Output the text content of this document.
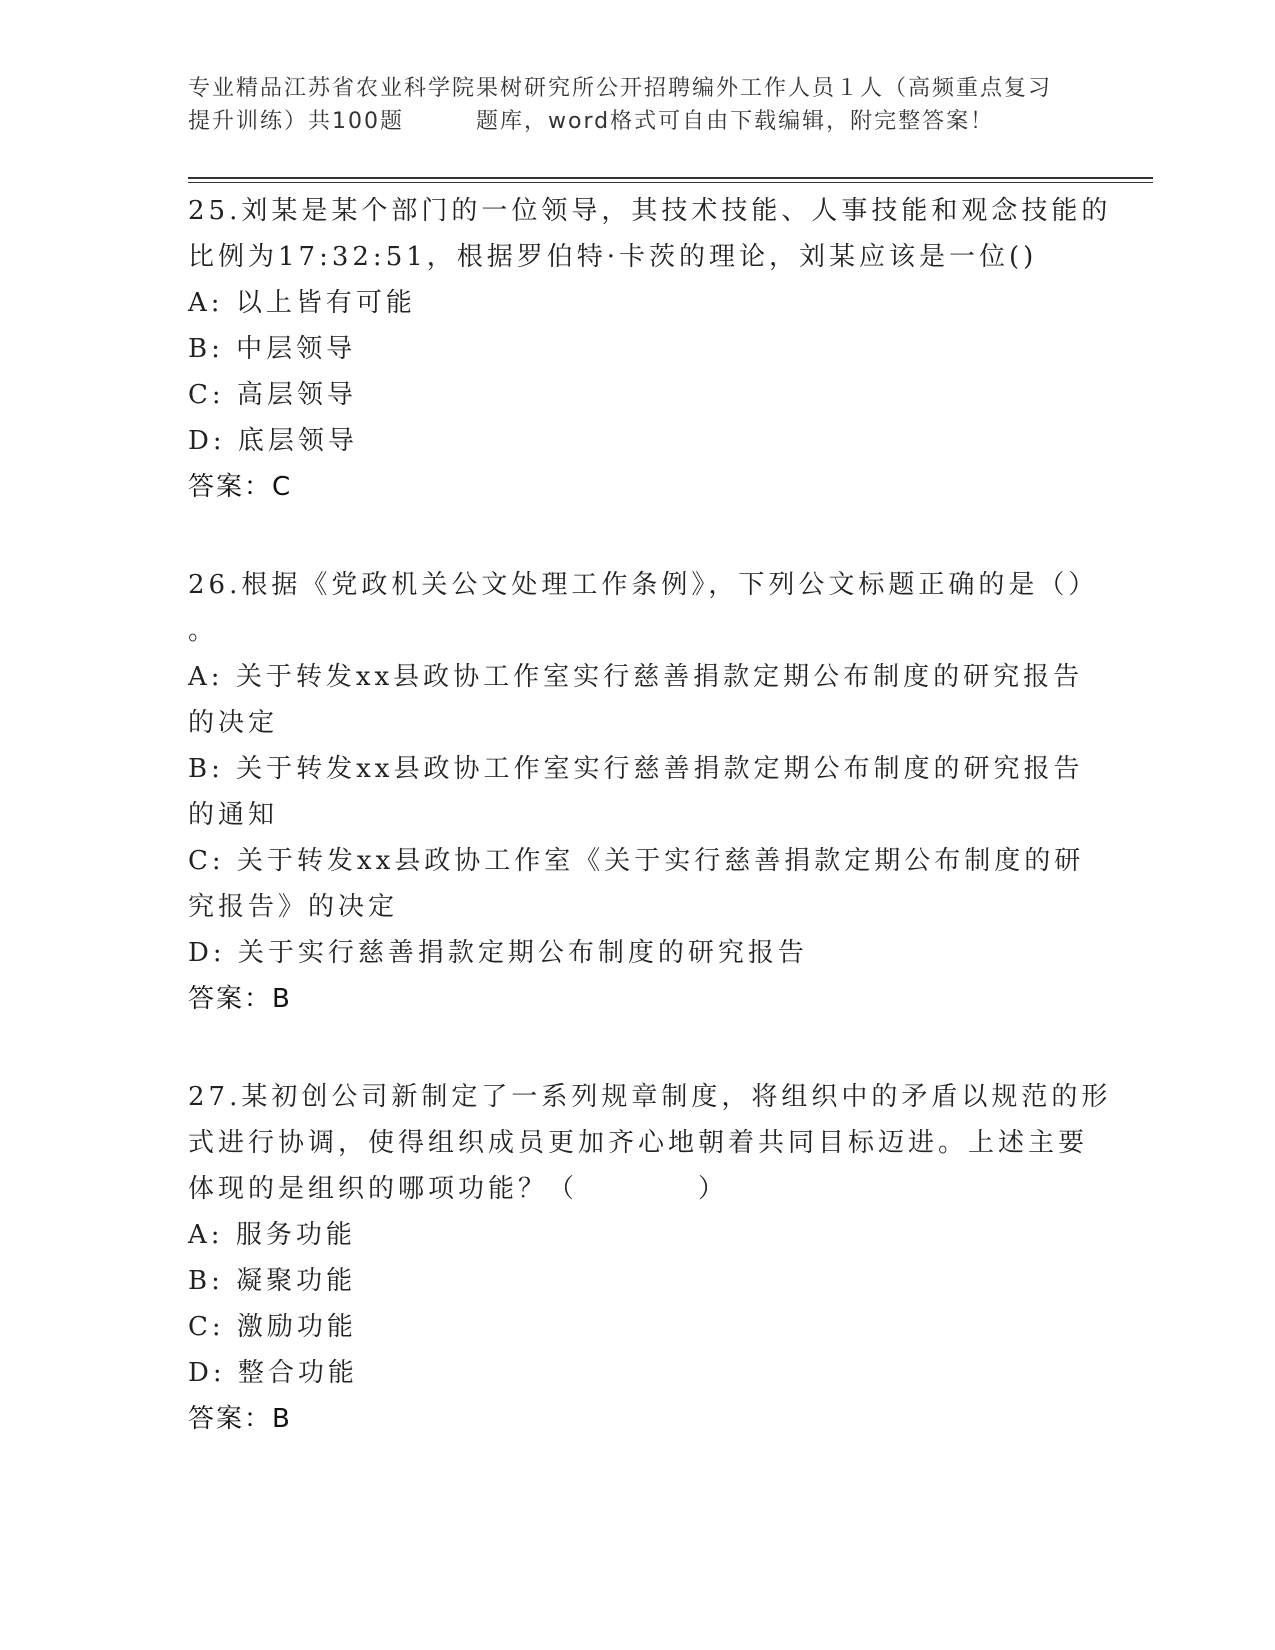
专业精品江苏省农业科学院果树研究所公开招聘编外工作人员１人（高频重点复习
提升训练）共100题　　　题库，word格式可自由下载编辑，附完整答案！
25.刘某是某个部门的一位领导，其技术技能、人事技能和观念技能的
比例为17:32:51，根据罗伯特·卡茨的理论，刘某应该是一位()
A: 以上皆有可能
B: 中层领导
C: 高层领导
D: 底层领导
答案：C
26.根据《党政机关公文处理工作条例》，下列公文标题正确的是（）
。
A: 关于转发xx县政协工作室实行慈善捐款定期公布制度的研究报告
的决定
B: 关于转发xx县政协工作室实行慈善捐款定期公布制度的研究报告
的通知
C: 关于转发xx县政协工作室《关于实行慈善捐款定期公布制度的研
究报告》的决定
D: 关于实行慈善捐款定期公布制度的研究报告
答案：B
27.某初创公司新制定了一系列规章制度，将组织中的矛盾以规范的形
式进行协调，使得组织成员更加齐心地朝着共同目标迈进。上述主要
体现的是组织的哪项功能？（　　　　）
A: 服务功能
B: 凝聚功能
C: 激励功能
D: 整合功能
答案：B
